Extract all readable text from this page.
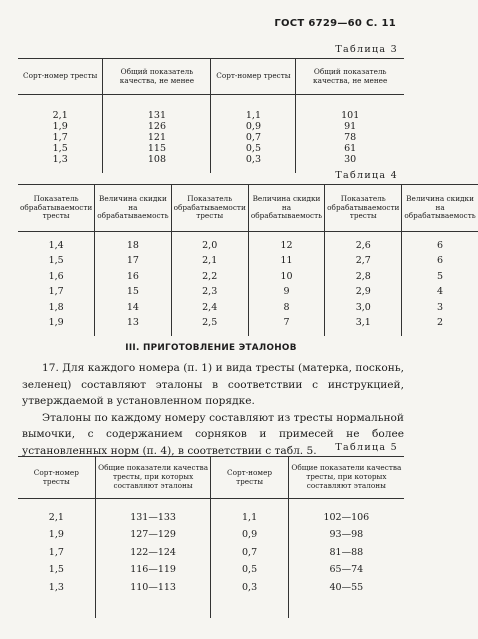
ГОСТ 6729—60 С. 11
Таблица 3
Сорт-номер тресты	Общий показатель качества, не менее	Сорт-номер тресты	Общий показатель качества, не менее

2,1	131	1,1	101
1,9	126	0,9	91
1,7	121	0,7	78
1,5	115	0,5	61
1,3	108	0,3	30

Таблица 4
Показатель обрабатываемости тресты	Величина скидки на обрабатываемость	Показатель обрабатываемости тресты	Величина скидки на обрабатываемость	Показатель обрабатываемости тресты	Величина скидки на обрабатываемость

1,4	18	2,0	12	2,6	6
1,5	17	2,1	11	2,7	6
1,6	16	2,2	10	2,8	5
1,7	15	2,3	9	2,9	4
1,8	14	2,4	8	3,0	3
1,9	13	2,5	7	3,1	2

III. ПРИГОТОВЛЕНИЕ ЭТАЛОНОВ

17. Для каждого номера (п. 1) и вида тресты (матерка, посконь, зеленец) составляют эталоны в соответствии с инструкцией, утверждаемой в установленном порядке.

Эталоны по каждому номеру составляют из тресты нормальной вымочки, с содержанием сорняков и примесей не более установленных норм (п. 4), в соответствии с табл. 5.	Таблица 5
Сорт-номер тресты	Общие показатели качества тресты, при которых составляют эталоны	Сорт-номер тресты	Общие показатели качества тресты, при которых составляют эталоны

2,1	131—133	1,1	102—106
1,9	127—129	0,9	93—98
1,7	122—124	0,7	81—88
1,5	116—119	0,5	65—74
1,3	110—113	0,3	40—55
